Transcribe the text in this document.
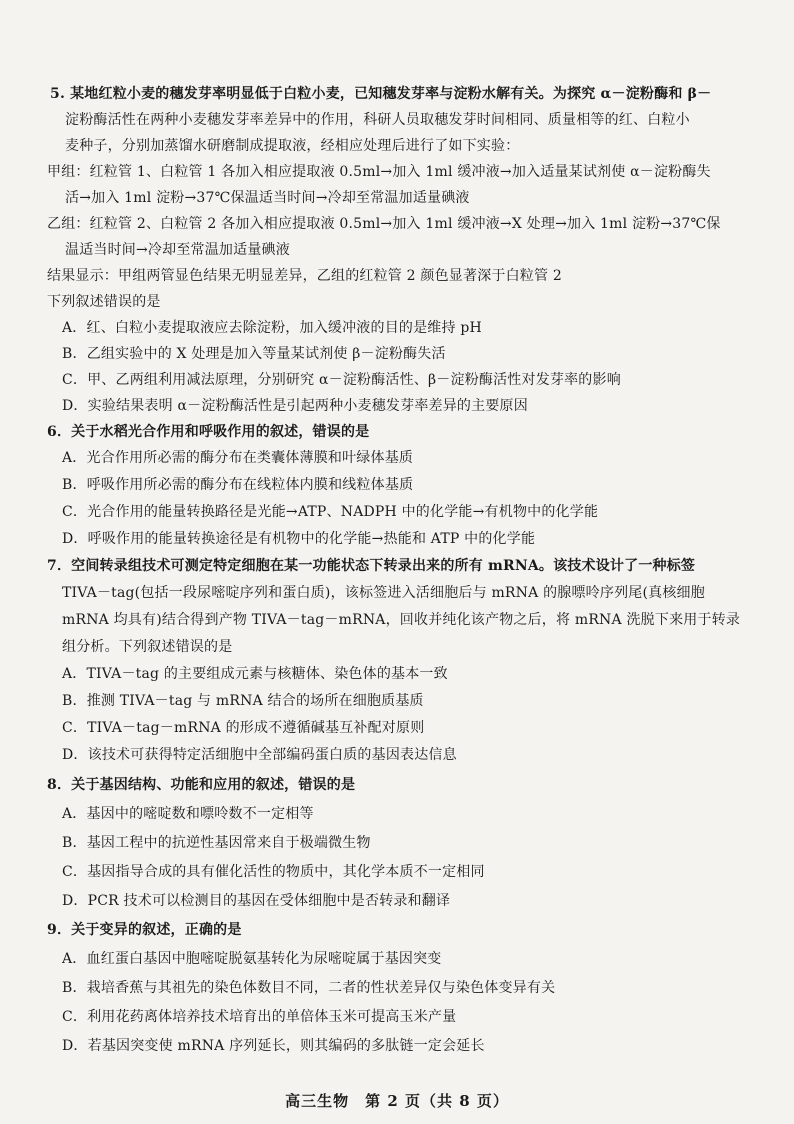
5. 某地红粒小麦的穗发芽率明显低于白粒小麦，已知穗发芽率与淀粉水解有关。为探究 α－淀粉酶和 β－
淀粉酶活性在两种小麦穗发芽率差异中的作用，科研人员取穗发芽时间相同、质量相等的红、白粒小
麦种子，分别加蒸馏水研磨制成提取液，经相应处理后进行了如下实验：
甲组：红粒管 1、白粒管 1 各加入相应提取液 0.5ml→加入 1ml 缓冲液→加入适量某试剂使 α－淀粉酶失
活→加入 1ml 淀粉→37℃保温适当时间→冷却至常温加适量碘液
乙组：红粒管 2、白粒管 2 各加入相应提取液 0.5ml→加入 1ml 缓冲液→X 处理→加入 1ml 淀粉→37℃保
温适当时间→冷却至常温加适量碘液
结果显示：甲组两管显色结果无明显差异，乙组的红粒管 2 颜色显著深于白粒管 2
下列叙述错误的是
A．红、白粒小麦提取液应去除淀粉，加入缓冲液的目的是维持 pH
B．乙组实验中的 X 处理是加入等量某试剂使 β－淀粉酶失活
C．甲、乙两组利用减法原理，分别研究 α－淀粉酶活性、β－淀粉酶活性对发芽率的影响
D．实验结果表明 α－淀粉酶活性是引起两种小麦穗发芽率差异的主要原因
6．关于水稻光合作用和呼吸作用的叙述，错误的是
A．光合作用所必需的酶分布在类囊体薄膜和叶绿体基质
B．呼吸作用所必需的酶分布在线粒体内膜和线粒体基质
C．光合作用的能量转换路径是光能→ATP、NADPH 中的化学能→有机物中的化学能
D．呼吸作用的能量转换途径是有机物中的化学能→热能和 ATP 中的化学能
7．空间转录组技术可测定特定细胞在某一功能状态下转录出来的所有 mRNA。该技术设计了一种标签
TIVA－tag(包括一段尿嘧啶序列和蛋白质)，该标签进入活细胞后与 mRNA 的腺嘌呤序列尾(真核细胞
mRNA 均具有)结合得到产物 TIVA－tag－mRNA，回收并纯化该产物之后，将 mRNA 洗脱下来用于转录
组分析。下列叙述错误的是
A．TIVA－tag 的主要组成元素与核糖体、染色体的基本一致
B．推测 TIVA－tag 与 mRNA 结合的场所在细胞质基质
C．TIVA－tag－mRNA 的形成不遵循碱基互补配对原则
D．该技术可获得特定活细胞中全部编码蛋白质的基因表达信息
8．关于基因结构、功能和应用的叙述，错误的是
A．基因中的嘧啶数和嘌呤数不一定相等
B．基因工程中的抗逆性基因常来自于极端微生物
C．基因指导合成的具有催化活性的物质中，其化学本质不一定相同
D．PCR 技术可以检测目的基因在受体细胞中是否转录和翻译
9．关于变异的叙述，正确的是
A．血红蛋白基因中胞嘧啶脱氨基转化为尿嘧啶属于基因突变
B．栽培香蕉与其祖先的染色体数目不同，二者的性状差异仅与染色体变异有关
C．利用花药离体培养技术培育出的单倍体玉米可提高玉米产量
D．若基因突变使 mRNA 序列延长，则其编码的多肽链一定会延长
高三生物　第 2 页（共 8 页）
